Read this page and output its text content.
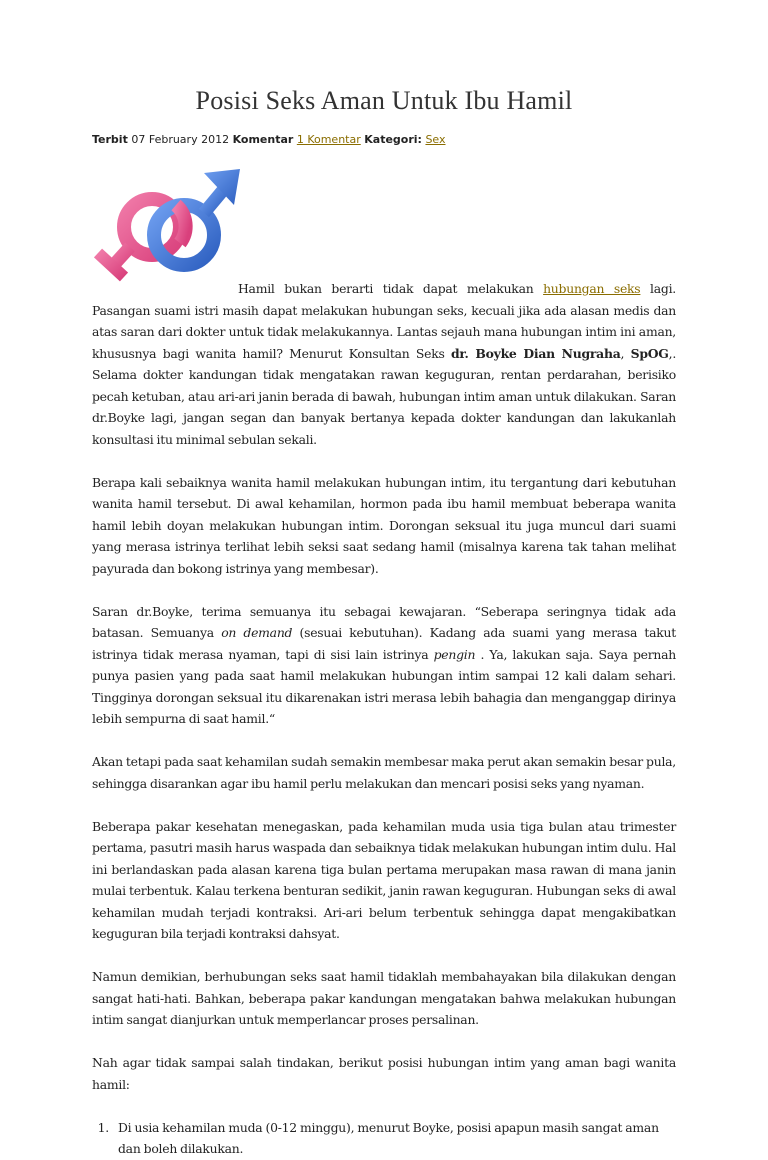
Posisi Seks Aman Untuk Ibu Hamil
Terbit 07 February 2012 Komentar 1 Komentar Kategori: Sex

Hamil bukan berarti tidak dapat melakukan hubungan seks lagi. Pasangan suami istri masih dapat melakukan hubungan seks, kecuali jika ada alasan medis dan atas saran dari dokter untuk tidak melakukannya. Lantas sejauh mana hubungan intim ini aman, khususnya bagi wanita hamil? Menurut Konsultan Seks dr. Boyke Dian Nugraha, SpOG,. Selama dokter kandungan tidak mengatakan rawan keguguran, rentan perdarahan, berisiko pecah ketuban, atau ari-ari janin berada di bawah, hubungan intim aman untuk dilakukan. Saran dr.Boyke lagi, jangan segan dan banyak bertanya kepada dokter kandungan dan lakukanlah konsultasi itu minimal sebulan sekali.

Berapa kali sebaiknya wanita hamil melakukan hubungan intim, itu tergantung dari kebutuhan wanita hamil tersebut. Di awal kehamilan, hormon pada ibu hamil membuat beberapa wanita hamil lebih doyan melakukan hubungan intim. Dorongan seksual itu juga muncul dari suami yang merasa istrinya terlihat lebih seksi saat sedang hamil (misalnya karena tak tahan melihat payurada dan bokong istrinya yang membesar).

Saran dr.Boyke, terima semuanya itu sebagai kewajaran. “Seberapa seringnya tidak ada batasan. Semuanya on demand (sesuai kebutuhan). Kadang ada suami yang merasa takut istrinya tidak merasa nyaman, tapi di sisi lain istrinya pengin . Ya, lakukan saja. Saya pernah punya pasien yang pada saat hamil melakukan hubungan intim sampai 12 kali dalam sehari. Tingginya dorongan seksual itu dikarenakan istri merasa lebih bahagia dan menganggap dirinya lebih sempurna di saat hamil.“

Akan tetapi pada saat kehamilan sudah semakin membesar maka perut akan semakin besar pula, sehingga disarankan agar ibu hamil perlu melakukan dan mencari posisi seks yang nyaman.

Beberapa pakar kesehatan menegaskan, pada kehamilan muda usia tiga bulan atau trimester pertama, pasutri masih harus waspada dan sebaiknya tidak melakukan hubungan intim dulu. Hal ini berlandaskan pada alasan karena tiga bulan pertama merupakan masa rawan di mana janin mulai terbentuk. Kalau terkena benturan sedikit, janin rawan keguguran. Hubungan seks di awal kehamilan mudah terjadi kontraksi. Ari-ari belum terbentuk sehingga dapat mengakibatkan keguguran bila terjadi kontraksi dahsyat.

Namun demikian, berhubungan seks saat hamil tidaklah membahayakan bila dilakukan dengan sangat hati-hati. Bahkan, beberapa pakar kandungan mengatakan bahwa melakukan hubungan intim sangat dianjurkan untuk memperlancar proses persalinan.

Nah agar tidak sampai salah tindakan, berikut posisi hubungan intim yang aman bagi wanita hamil:

1. Di usia kehamilan muda (0-12 minggu), menurut Boyke, posisi apapun masih sangat aman dan boleh dilakukan.
